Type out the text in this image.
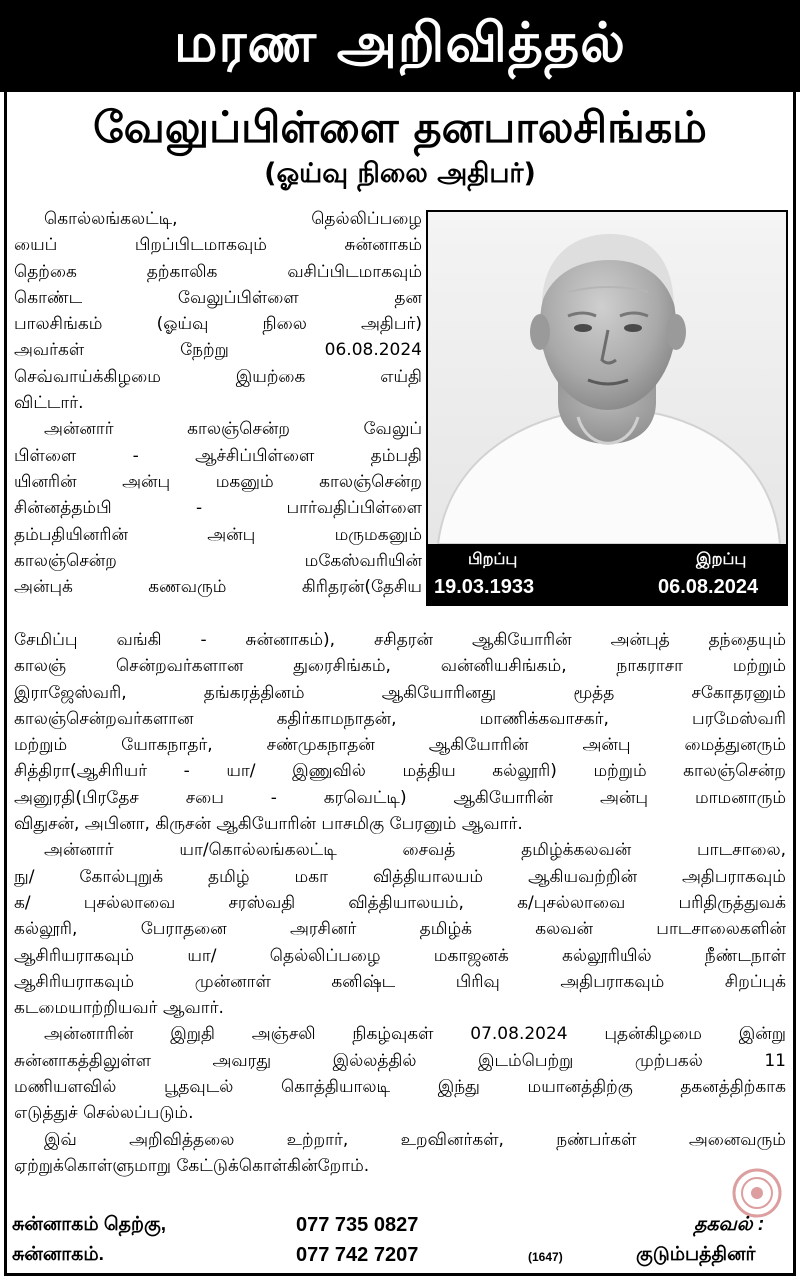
மரண அறிவித்தல்
வேலுப்பிள்ளை தனபாலசிங்கம்
(ஓய்வு நிலை அதிபர்)
கொல்லங்கலட்டி, தெல்லிப்பழை
யைப் பிறப்பிடமாகவும் சுன்னாகம்
தெற்கை தற்காலிக வசிப்பிடமாகவும்
கொண்ட வேலுப்பிள்ளை தன
பாலசிங்கம் (ஓய்வு நிலை அதிபர்)
அவர்கள் நேற்று 06.08.2024
செவ்வாய்க்கிழமை இயற்கை எய்தி
விட்டார்.
அன்னார் காலஞ்சென்ற வேலுப்
பிள்ளை - ஆச்சிப்பிள்ளை தம்பதி
யினரின் அன்பு மகனும் காலஞ்சென்ற
சின்னத்தம்பி - பார்வதிப்பிள்ளை
தம்பதியினரின் அன்பு மருமகனும்
காலஞ்சென்ற மகேஸ்வரியின்
அன்புக் கணவரும் கிரிதரன்(தேசிய
பிறப்பு
19.03.1933
இறப்பு
06.08.2024
சேமிப்பு வங்கி - சுன்னாகம்), சசிதரன் ஆகியோரின் அன்புத் தந்தையும்
காலஞ் சென்றவர்களான துரைசிங்கம், வன்னியசிங்கம், நாகராசா மற்றும்
இராஜேஸ்வரி, தங்கரத்தினம் ஆகியோரினது மூத்த சகோதரனும்
காலஞ்சென்றவர்களான கதிர்காமநாதன், மாணிக்கவாசகர், பரமேஸ்வரி
மற்றும் யோகநாதர், சண்முகநாதன் ஆகியோரின் அன்பு மைத்துனரும்
சித்திரா(ஆசிரியர் - யா/ இணுவில் மத்திய கல்லூரி) மற்றும் காலஞ்சென்ற
அனுரதி(பிரதேச சபை - கரவெட்டி) ஆகியோரின் அன்பு மாமனாரும்
விதுசன், அபினா, கிருசன் ஆகியோரின் பாசமிகு பேரனும் ஆவார்.
அன்னார் யா/கொல்லங்கலட்டி சைவத் தமிழ்க்கலவன் பாடசாலை,
நு/ கோல்புறுக் தமிழ் மகா வித்தியாலயம் ஆகியவற்றின் அதிபராகவும்
க/ புசல்லாவை சரஸ்வதி வித்தியாலயம், க/புசல்லாவை பரிதிருத்துவக்
கல்லூரி, பேராதனை அரசினர் தமிழ்க் கலவன் பாடசாலைகளின்
ஆசிரியராகவும் யா/ தெல்லிப்பழை மகாஜனக் கல்லூரியில் நீண்டநாள்
ஆசிரியராகவும் முன்னாள் கனிஷ்ட பிரிவு அதிபராகவும் சிறப்புக்
கடமையாற்றியவர் ஆவார்.
அன்னாரின் இறுதி அஞ்சலி நிகழ்வுகள் 07.08.2024 புதன்கிழமை இன்று
சுன்னாகத்திலுள்ள அவரது இல்லத்தில் இடம்பெற்று முற்பகல் 11
மணியளவில் பூதவுடல் கொத்தியாலடி இந்து மயானத்திற்கு தகனத்திற்காக
எடுத்துச் செல்லப்படும்.
இவ் அறிவித்தலை உற்றார், உறவினர்கள், நண்பர்கள் அனைவரும்
ஏற்றுக்கொள்ளுமாறு கேட்டுக்கொள்கின்றோம்.
சுன்னாகம் தெற்கு,
சுன்னாகம்.
077 735 0827
077 742 7207	(1647)
தகவல் :
குடும்பத்தினர்
